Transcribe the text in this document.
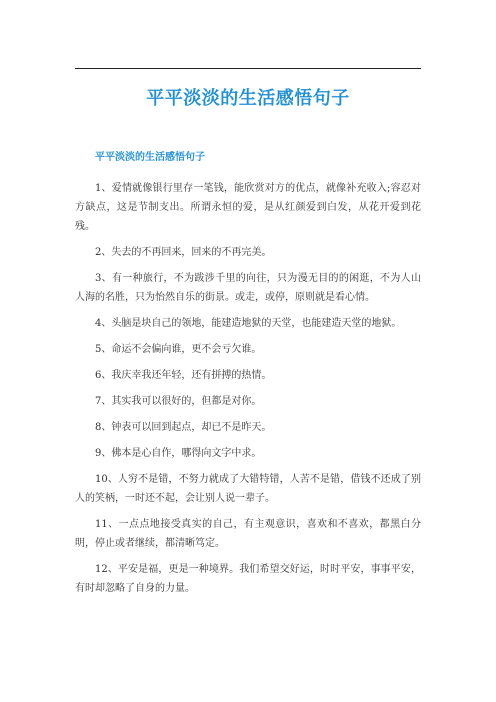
平平淡淡的生活感悟句子
平平淡淡的生活感悟句子

1、爱情就像银行里存一笔钱，能欣赏对方的优点，就像补充收入;容忍对方缺点，这是节制支出。所谓永恒的爱，是从红颜爱到白发，从花开爱到花残。

2、失去的不再回来，回来的不再完美。

3、有一种旅行，不为跋涉千里的向往，只为漫无目的的闲逛，不为人山人海的名胜，只为怡然自乐的街景。或走，或停，原则就是看心情。

4、头脑是块自己的领地，能建造地狱的天堂，也能建造天堂的地狱。

5、命运不会偏向谁，更不会亏欠谁。

6、我庆幸我还年轻，还有拼搏的热情。

7、其实我可以很好的，但都是对你。

8、钟表可以回到起点，却已不是昨天。

9、佛本是心自作，哪得向文字中求。

10、人穷不是错，不努力就成了大错特错，人苦不是错，借钱不还成了别人的笑柄，一时还不起，会让别人说一辈子。

11、一点点地接受真实的自己，有主观意识，喜欢和不喜欢，都黑白分明，停止或者继续，都清晰笃定。

12、平安是福，更是一种境界。我们希望交好运，时时平安，事事平安，有时却忽略了自身的力量。
